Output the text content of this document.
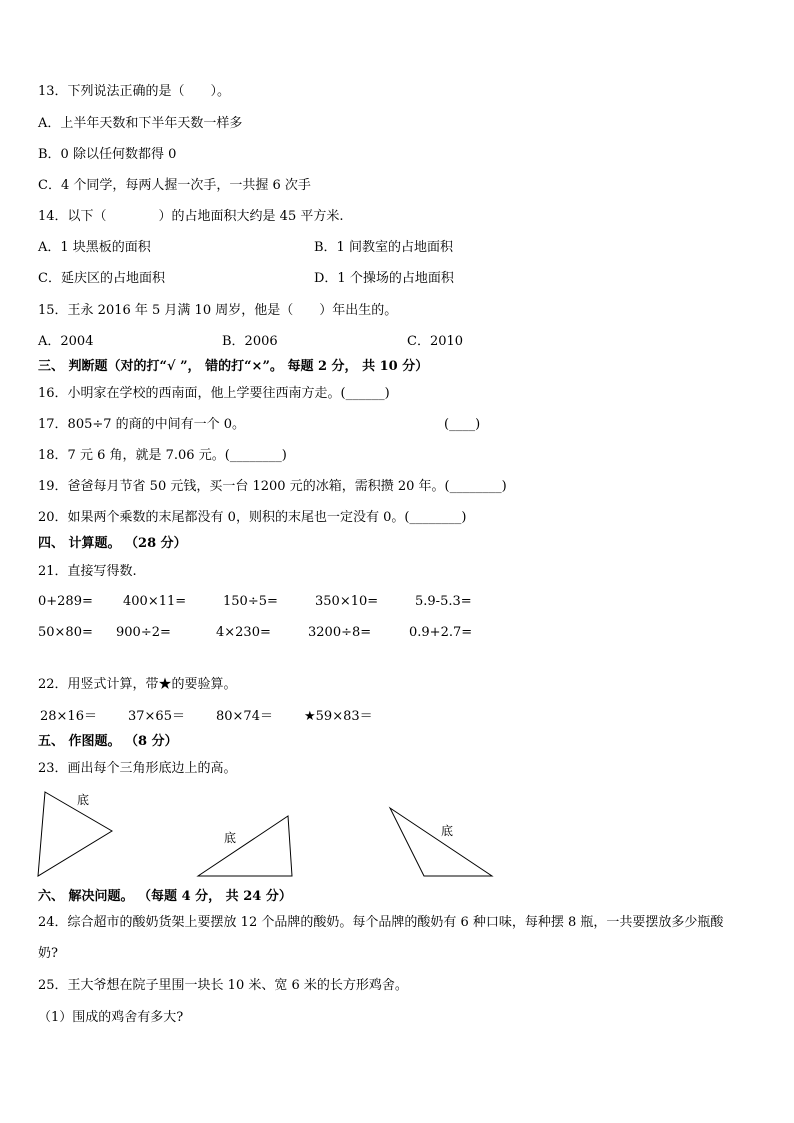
13．下列说法正确的是（　　）。
A．上半年天数和下半年天数一样多
B．0 除以任何数都得 0
C．4 个同学，每两人握一次手，一共握 6 次手
14．以下（　　　　）的占地面积大约是 45 平方米.
A．1 块黑板的面积	B．1 间教室的占地面积
C．延庆区的占地面积	D．1 个操场的占地面积
15．王永 2016 年 5 月满 10 周岁，他是（　　）年出生的。
A．2004	B．2006	C．2010
三、 判断题（对的打“√ ”， 错的打“×”。 每题 2 分， 共 10 分）
16．小明家在学校的西南面，他上学要往西南方走。(______)
17．805÷7 的商的中间有一个 0。	(____)
18．7 元 6 角，就是 7.06 元。(________)
19．爸爸每月节省 50 元钱，买一台 1200 元的冰箱，需积攒 20 年。(________)
20．如果两个乘数的末尾都没有 0，则积的末尾也一定没有 0。(________)
四、 计算题。 （28 分）
21．直接写得数.
0+289= 400×11=	150÷5=	350×10=	5.9-5.3=
50×80= 900÷2=	4×230=	3200÷8=	0.9+2.7=
22．用竖式计算，带★的要验算。
28×16＝ 37×65＝ 80×74＝ ★59×83＝
五、 作图题。 （8 分）
23．画出每个三角形底边上的高。
底
底	底
六、 解决问题。 （每题 4 分， 共 24 分）
24．综合超市的酸奶货架上要摆放 12 个品牌的酸奶。每个品牌的酸奶有 6 种口味，每种摆 8 瓶，一共要摆放多少瓶酸
奶?
25．王大爷想在院子里围一块长 10 米、宽 6 米的长方形鸡舍。
（1）围成的鸡舍有多大?
